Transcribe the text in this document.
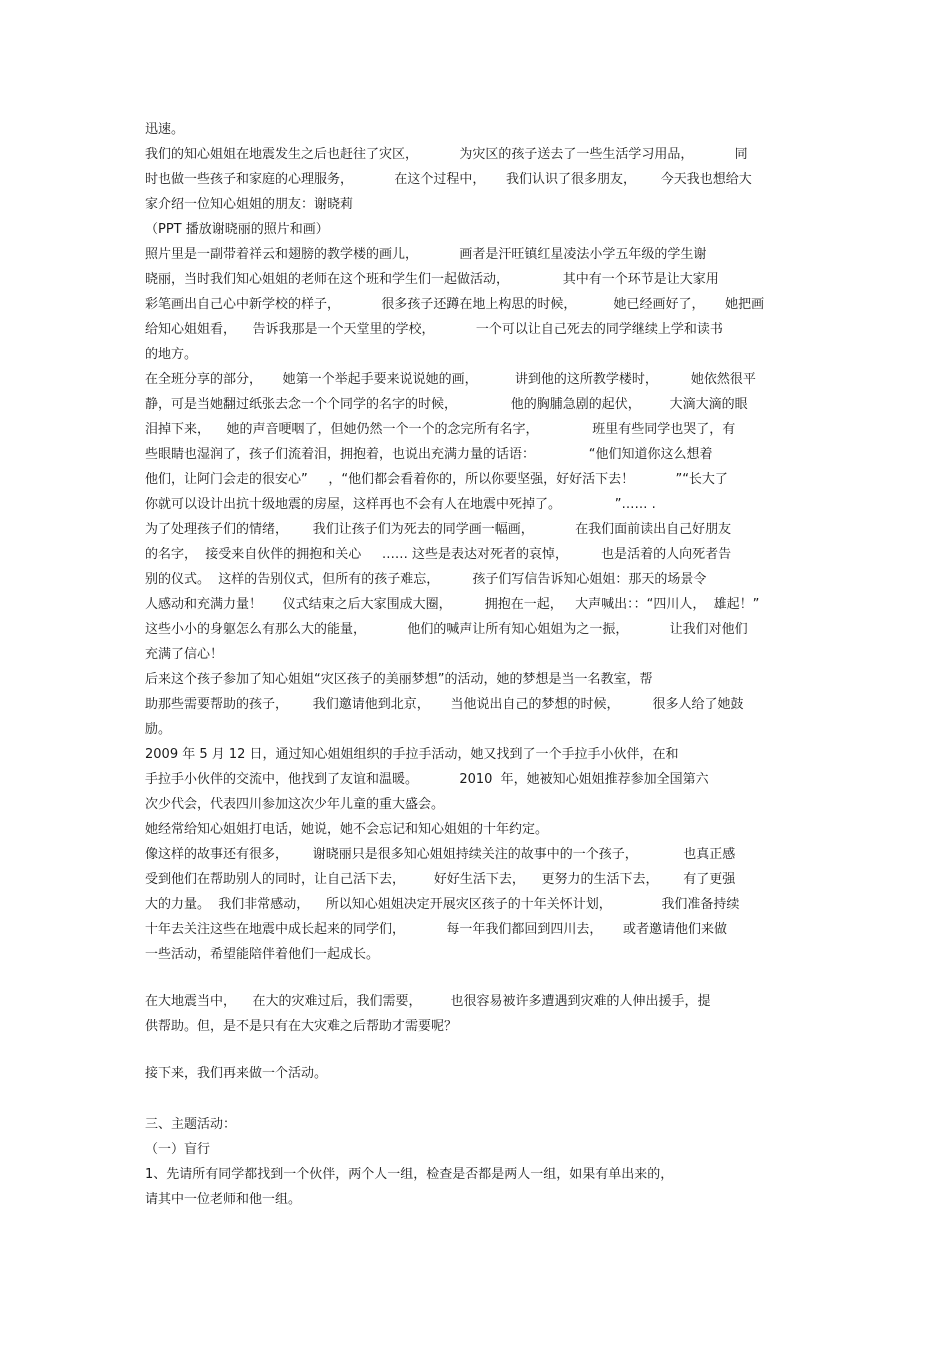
迅速。
我们的知心姐姐在地震发生之后也赶往了灾区，          为灾区的孩子送去了一些生活学习用品，          同
时也做一些孩子和家庭的心理服务，          在这个过程中，     我们认识了很多朋友，      今天我也想给大
家介绍一位知心姐姐的朋友：谢晓莉
（PPT 播放谢晓丽的照片和画）
照片里是一副带着祥云和翅膀的教学楼的画儿，          画者是汗旺镇红星凌法小学五年级的学生谢
晓丽，当时我们知心姐姐的老师在这个班和学生们一起做活动，             其中有一个环节是让大家用
彩笔画出自己心中新学校的样子，          很多孩子还蹲在地上构思的时候，         她已经画好了，     她把画
给知心姐姐看，    告诉我那是一个天堂里的学校，          一个可以让自己死去的同学继续上学和读书
的地方。
在全班分享的部分，     她第一个举起手要来说说她的画，         讲到他的这所教学楼时，        她依然很平
静，可是当她翻过纸张去念一个个同学的名字的时候，             他的胸脯急剧的起伏，       大滴大滴的眼
泪掉下来，    她的声音哽咽了，但她仍然一个一个的念完所有名字，             班里有些同学也哭了，有
些眼睛也湿润了，孩子们流着泪，拥抱着，也说出充满力量的话语：             “他们知道你这么想着
他们，让阿门会走的很安心”     ，“他们都会看着你的，所以你要坚强，好好活下去！          ”“长大了
你就可以设计出抗十级地震的房屋，这样再也不会有人在地震中死掉了。             ”…… .
为了处理孩子们的情绪，      我们让孩子们为死去的同学画一幅画，          在我们面前读出自己好朋友
的名字，  接受来自伙伴的拥抱和关心     …… 这些是表达对死者的哀悼，        也是活着的人向死者告
别的仪式。  这样的告别仪式，但所有的孩子难忘，        孩子们写信告诉知心姐姐：那天的场景令
人感动和充满力量！     仪式结束之后大家围成大圈，        拥抱在一起，   大声喊出：：“四川人，  雄起！”
这些小小的身躯怎么有那么大的能量，          他们的喊声让所有知心姐姐为之一振，          让我们对他们
充满了信心！
后来这个孩子参加了知心姐姐“灾区孩子的美丽梦想”的活动，她的梦想是当一名教室，帮
助那些需要帮助的孩子，      我们邀请他到北京，     当他说出自己的梦想的时候，        很多人给了她鼓
励。
2009 年 5 月 12 日，通过知心姐姐组织的手拉手活动，她又找到了一个手拉手小伙伴，在和
手拉手小伙伴的交流中，他找到了友谊和温暖。          2010  年，她被知心姐姐推荐参加全国第六
次少代会，代表四川参加这次少年儿童的重大盛会。
她经常给知心姐姐打电话，她说，她不会忘记和知心姐姐的十年约定。
像这样的故事还有很多，      谢晓丽只是很多知心姐姐持续关注的故事中的一个孩子，           也真正感
受到他们在帮助别人的同时，让自己活下去，       好好生活下去，    更努力的生活下去，      有了更强
大的力量。  我们非常感动，    所以知心姐姐决定开展灾区孩子的十年关怀计划，            我们准备持续
十年去关注这些在地震中成长起来的同学们，          每一年我们都回到四川去，     或者邀请他们来做
一些活动，希望能陪伴着他们一起成长。
在大地震当中，    在大的灾难过后，我们需要，       也很容易被许多遭遇到灾难的人伸出援手，提
供帮助。但，是不是只有在大灾难之后帮助才需要呢？
接下来，我们再来做一个活动。
三、主题活动：
（一）盲行
1、先请所有同学都找到一个伙伴，两个人一组，检查是否都是两人一组，如果有单出来的，
请其中一位老师和他一组。
